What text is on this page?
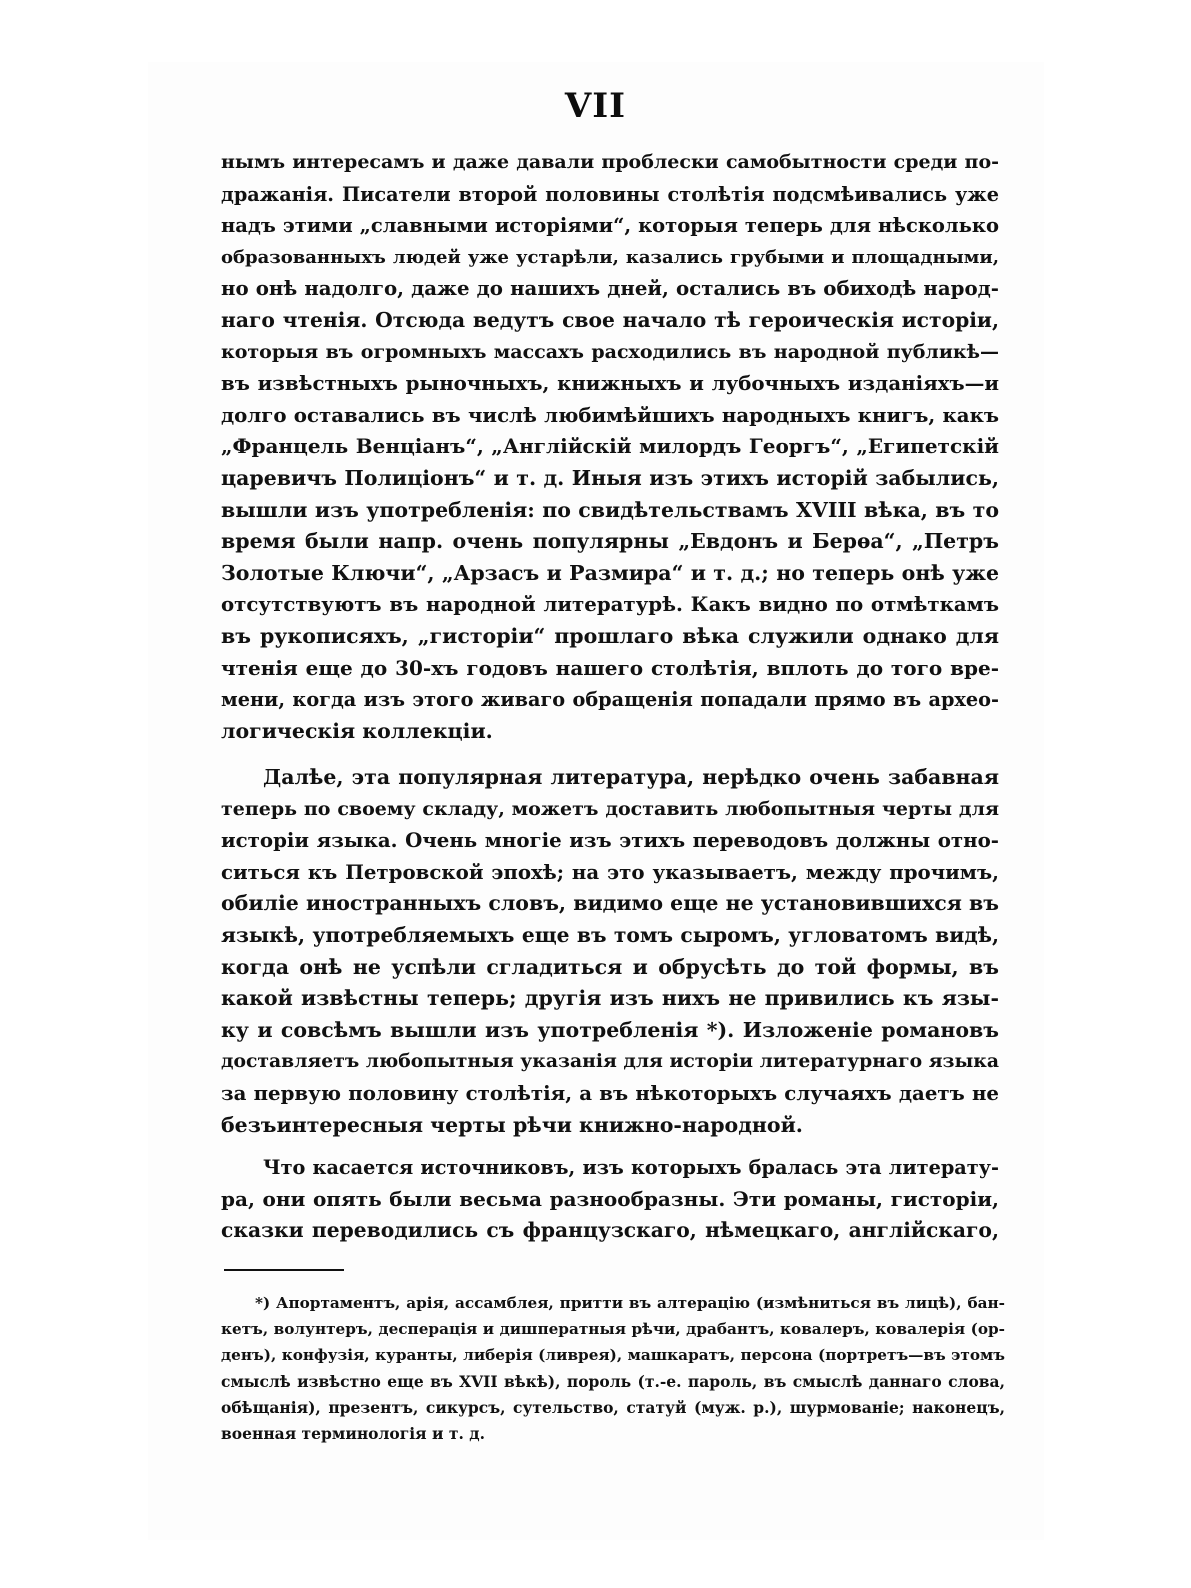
VII
нымъ интересамъ и даже давали проблески самобытности среди по-
дражанія. Писатели второй половины столѣтія подсмѣивались уже
надъ этими „славными исторіями“, которыя теперь для нѣсколько
образованныхъ людей уже устарѣли, казались грубыми и площадными,
но онѣ надолго, даже до нашихъ дней, остались въ обиходѣ народ-
наго чтенія. Отсюда ведутъ свое начало тѣ героическія исторіи,
которыя въ огромныхъ массахъ расходились въ народной публикѣ—
въ извѣстныхъ рыночныхъ, книжныхъ и лубочныхъ изданіяхъ—и
долго оставались въ числѣ любимѣйшихъ народныхъ книгъ, какъ
„Францель Венціанъ“, „Англійскій милордъ Георгъ“, „Египетскій
царевичъ Полиціонъ“ и т. д. Иныя изъ этихъ исторій забылись,
вышли изъ употребленія: по свидѣтельствамъ XVIII вѣка, въ то
время были напр. очень популярны „Евдонъ и Берѳа“, „Петръ
Золотые Ключи“, „Арзасъ и Размира“ и т. д.; но теперь онѣ уже
отсутствуютъ въ народной литературѣ. Какъ видно по отмѣткамъ
въ рукописяхъ, „гисторіи“ прошлаго вѣка служили однако для
чтенія еще до 30-хъ годовъ нашего столѣтія, вплоть до того вре-
мени, когда изъ этого живаго обращенія попадали прямо въ археo-
логическія коллекціи.
Далѣе, эта популярная литература, нерѣдко очень забавная
теперь по своему складу, можетъ доставить любопытныя черты для
исторіи языка. Очень многіе изъ этихъ переводовъ должны отно-
ситься къ Петровской эпохѣ; на это указываетъ, между прочимъ,
обиліе иностранныхъ словъ, видимо еще не установившихся въ
языкѣ, употребляемыхъ еще въ томъ сыромъ, угловатомъ видѣ,
когда онѣ не успѣли сгладиться и обрусѣть до той формы, въ
какой извѣстны теперь; другія изъ нихъ не привились къ язы-
ку и совсѣмъ вышли изъ употребленія *). Изложеніе романовъ
доставляетъ любопытныя указанія для исторіи литературнаго языка
за первую половину столѣтія, а въ нѣкоторыхъ случаяхъ даетъ не
безъинтересныя черты рѣчи книжно-народной.
Что касается источниковъ, изъ которыхъ бралась эта литерату-
ра, они опять были весьма разнообразны. Эти романы, гисторіи,
сказки переводились съ французскаго, нѣмецкаго, англійскаго,
*) Апортаментъ, арія, ассамблея, притти въ алтерацію (измѣниться въ лицѣ), бан-
кетъ, волунтеръ, десперація и дишператныя рѣчи, драбантъ, ковалеръ, ковалерія (ор-
денъ), конфузія, куранты, либерія (ливрея), машкаратъ, персона (портретъ—въ этомъ
смыслѣ извѣстно еще въ XVII вѣкѣ), пороль (т.-е. пароль, въ смыслѣ даннаго слова,
обѣщанія), презентъ, сикурсъ, сутельство, статуй (муж. р.), шурмованіе; наконецъ,
военная терминологія и т. д.
